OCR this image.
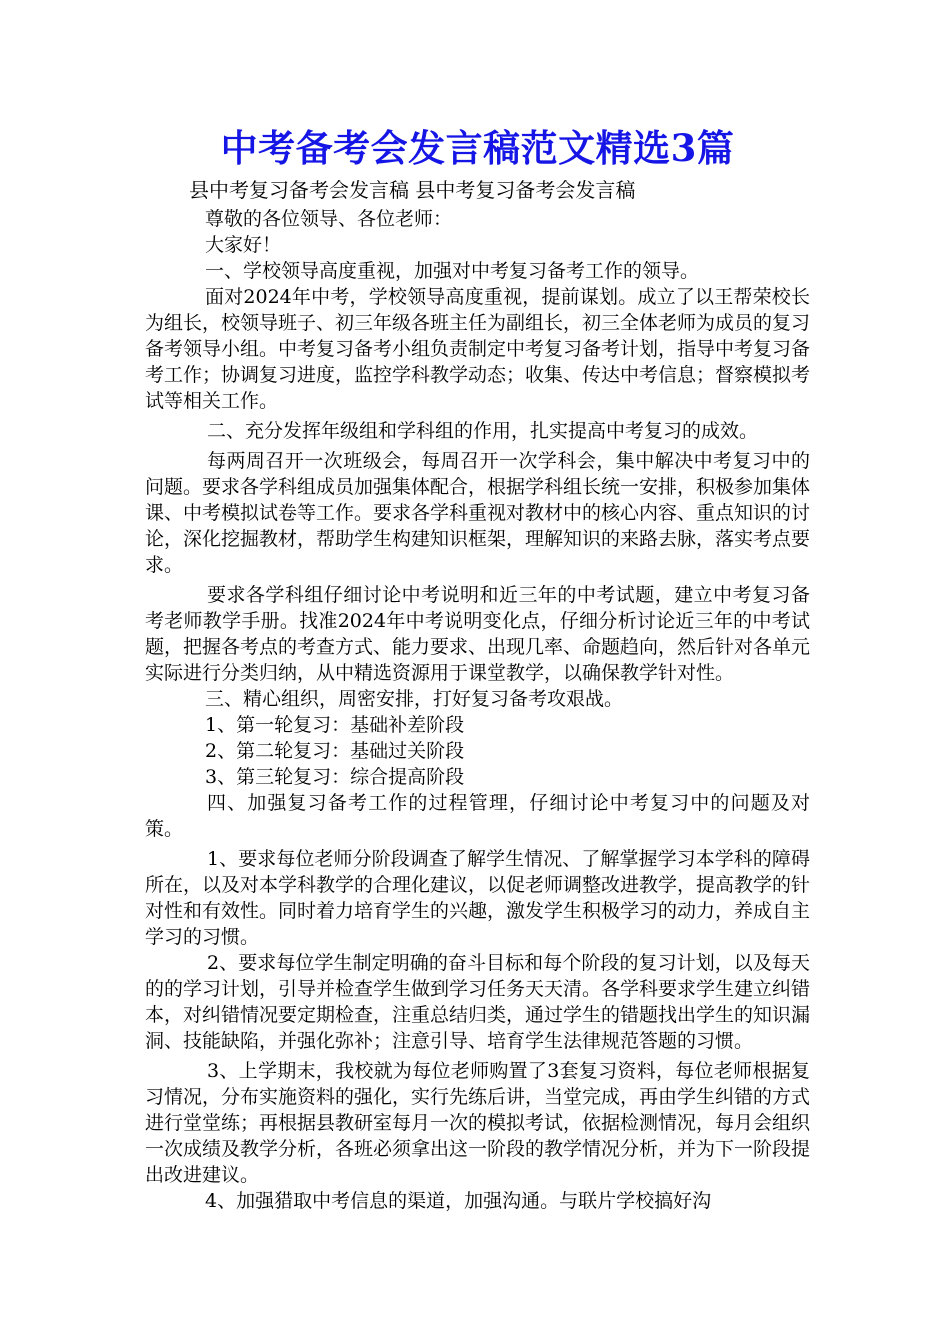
中考备考会发言稿范文精选3篇

县中考复习备考会发言稿 县中考复习备考会发言稿

尊敬的各位领导、各位老师：

大家好！

一、学校领导高度重视，加强对中考复习备考工作的领导。

面对2024年中考，学校领导高度重视，提前谋划。成立了以王帮荣校长为组长，校领导班子、初三年级各班主任为副组长，初三全体老师为成员的复习备考领导小组。中考复习备考小组负责制定中考复习备考计划，指导中考复习备考工作；协调复习进度，监控学科教学动态；收集、传达中考信息；督察模拟考试等相关工作。

二、充分发挥年级组和学科组的作用，扎实提高中考复习的成效。

每两周召开一次班级会，每周召开一次学科会，集中解决中考复习中的问题。要求各学科组成员加强集体配合，根据学科组长统一安排，积极参加集体课、中考模拟试卷等工作。要求各学科重视对教材中的核心内容、重点知识的讨论，深化挖掘教材，帮助学生构建知识框架，理解知识的来路去脉，落实考点要求。

要求各学科组仔细讨论中考说明和近三年的中考试题，建立中考复习备考老师教学手册。找准2024年中考说明变化点，仔细分析讨论近三年的中考试题，把握各考点的考查方式、能力要求、出现几率、命题趋向，然后针对各单元实际进行分类归纳，从中精选资源用于课堂教学，以确保教学针对性。

三、精心组织，周密安排，打好复习备考攻艰战。

1、第一轮复习：基础补差阶段

2、第二轮复习：基础过关阶段

3、第三轮复习：综合提高阶段

四、加强复习备考工作的过程管理，仔细讨论中考复习中的问题及对策。

1、要求每位老师分阶段调查了解学生情况、了解掌握学习本学科的障碍所在，以及对本学科教学的合理化建议，以促老师调整改进教学，提高教学的针对性和有效性。同时着力培育学生的兴趣，激发学生积极学习的动力，养成自主学习的习惯。

2、要求每位学生制定明确的奋斗目标和每个阶段的复习计划，以及每天的的学习计划，引导并检查学生做到学习任务天天清。各学科要求学生建立纠错本，对纠错情况要定期检查，注重总结归类，通过学生的错题找出学生的知识漏洞、技能缺陷，并强化弥补；注意引导、培育学生法律规范答题的习惯。

3、上学期末，我校就为每位老师购置了3套复习资料，每位老师根据复习情况，分布实施资料的强化，实行先练后讲，当堂完成，再由学生纠错的方式进行堂堂练；再根据县教研室每月一次的模拟考试，依据检测情况，每月会组织一次成绩及教学分析，各班必须拿出这一阶段的教学情况分析，并为下一阶段提出改进建议。

4、加强猎取中考信息的渠道，加强沟通。与联片学校搞好沟
